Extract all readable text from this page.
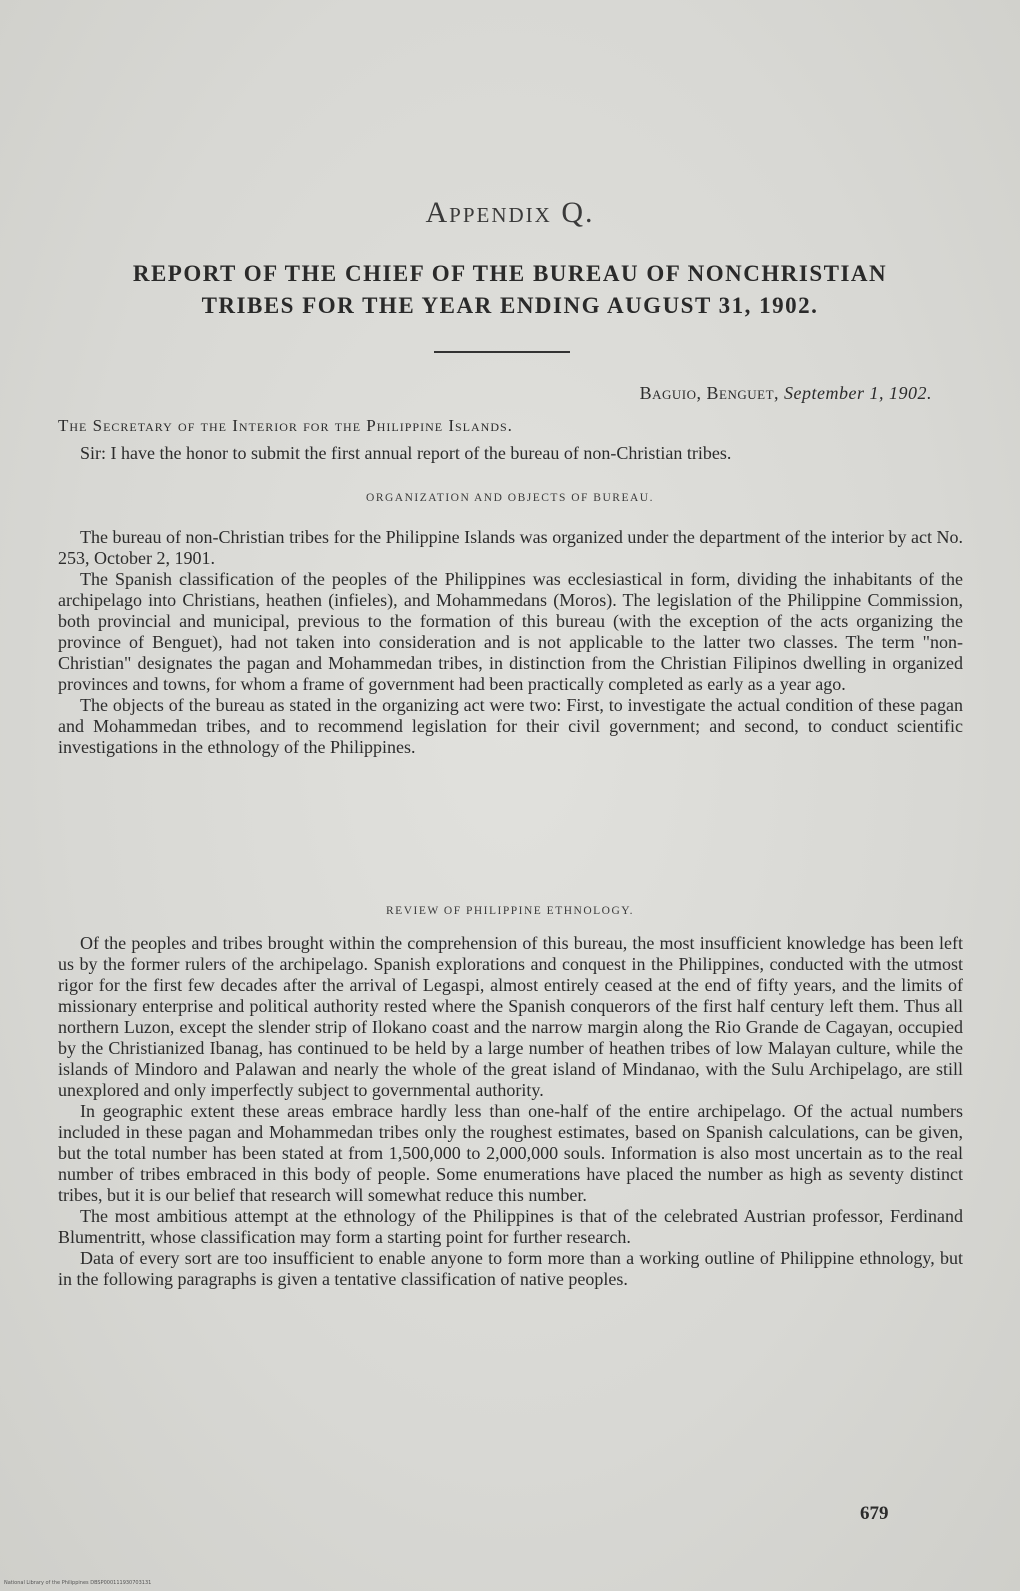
Appendix Q.
REPORT OF THE CHIEF OF THE BUREAU OF NONCHRISTIAN
TRIBES FOR THE YEAR ENDING AUGUST 31, 1902.
Baguio, Benguet, September 1, 1902.
The Secretary of the Interior for the Philippine Islands.

Sir: I have the honor to submit the first annual report of the bureau of non-Christian tribes.

ORGANIZATION AND OBJECTS OF BUREAU.

The bureau of non-Christian tribes for the Philippine Islands was organized under the department of the interior by act No. 253, October 2, 1901.

The Spanish classification of the peoples of the Philippines was ecclesiastical in form, dividing the inhabitants of the archipelago into Christians, heathen (infieles), and Mohammedans (Moros). The legislation of the Philippine Commission, both provincial and municipal, previous to the formation of this bureau (with the exception of the acts organizing the province of Benguet), had not taken into consideration and is not applicable to the latter two classes. The term "non-Christian" designates the pagan and Mohammedan tribes, in distinction from the Christian Filipinos dwelling in organized provinces and towns, for whom a frame of government had been practically completed as early as a year ago.

The objects of the bureau as stated in the organizing act were two: First, to investigate the actual condition of these pagan and Mohammedan tribes, and to recommend legislation for their civil government; and second, to conduct scientific investigations in the ethnology of the Philippines.

REVIEW OF PHILIPPINE ETHNOLOGY.

Of the peoples and tribes brought within the comprehension of this bureau, the most insufficient knowledge has been left us by the former rulers of the archipelago. Spanish explorations and conquest in the Philippines, conducted with the utmost rigor for the first few decades after the arrival of Legaspi, almost entirely ceased at the end of fifty years, and the limits of missionary enterprise and political authority rested where the Spanish conquerors of the first half century left them. Thus all northern Luzon, except the slender strip of Ilokano coast and the narrow margin along the Rio Grande de Cagayan, occupied by the Christianized Ibanag, has continued to be held by a large number of heathen tribes of low Malayan culture, while the islands of Mindoro and Palawan and nearly the whole of the great island of Mindanao, with the Sulu Archipelago, are still unexplored and only imperfectly subject to governmental authority.

In geographic extent these areas embrace hardly less than one-half of the entire archipelago. Of the actual numbers included in these pagan and Mohammedan tribes only the roughest estimates, based on Spanish calculations, can be given, but the total number has been stated at from 1,500,000 to 2,000,000 souls. Information is also most uncertain as to the real number of tribes embraced in this body of people. Some enumerations have placed the number as high as seventy distinct tribes, but it is our belief that research will somewhat reduce this number.

The most ambitious attempt at the ethnology of the Philippines is that of the celebrated Austrian professor, Ferdinand Blumentritt, whose classification may form a starting point for further research.

Data of every sort are too insufficient to enable anyone to form more than a working outline of Philippine ethnology, but in the following paragraphs is given a tentative classification of native peoples.

679
National Library of the Philippines DBSP000111930703131
